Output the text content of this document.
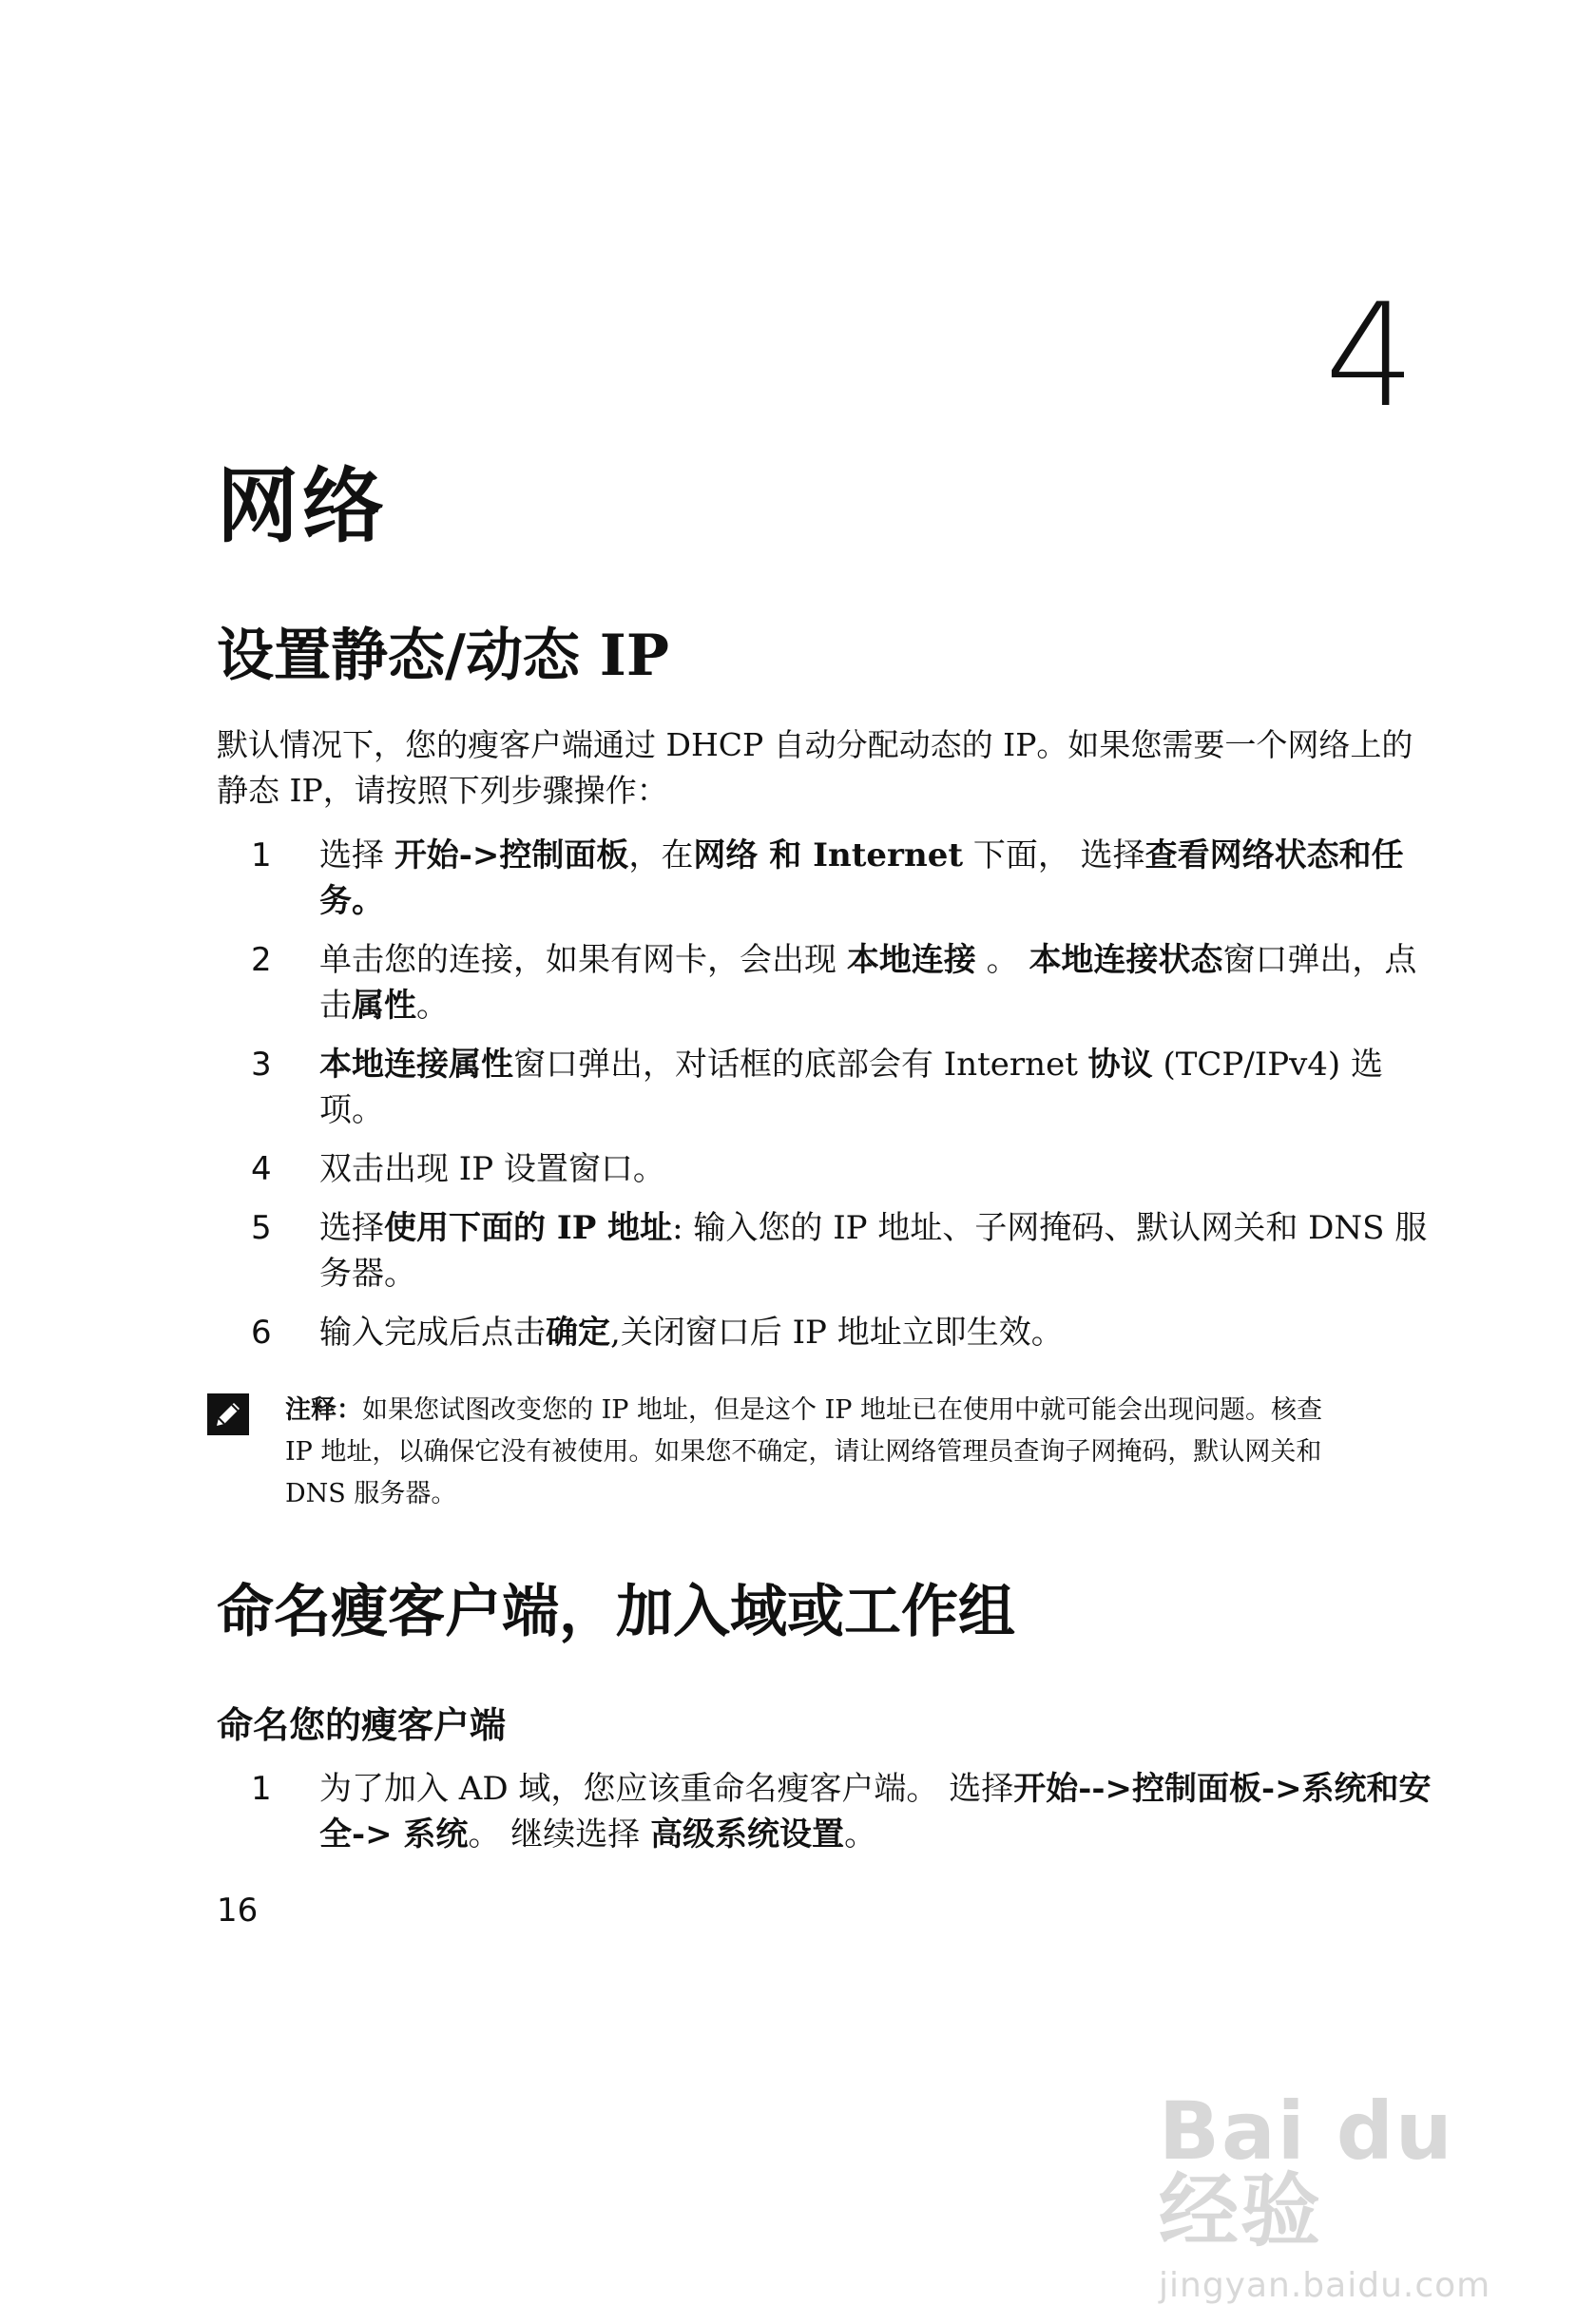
4
网络
设置静态/动态 IP
默认情况下，您的瘦客户端通过 DHCP 自动分配动态的 IP。如果您需要一个网络上的静态 IP，请按照下列步骤操作：
1 选择 开始->控制面板，在网络 和 Internet 下面， 选择查看网络状态和任务。
2 单击您的连接，如果有网卡，会出现 本地连接 。 本地连接状态窗口弹出，点击属性。
3 本地连接属性窗口弹出，对话框的底部会有 Internet 协议 (TCP/IPv4) 选项。
4 双击出现 IP 设置窗口。
5 选择使用下面的 IP 地址: 输入您的 IP 地址、子网掩码、默认网关和 DNS 服务器。
6 输入完成后点击确定,关闭窗口后 IP 地址立即生效。
注释：如果您试图改变您的 IP 地址，但是这个 IP 地址已在使用中就可能会出现问题。核查 IP 地址，以确保它没有被使用。如果您不确定，请让网络管理员查询子网掩码，默认网关和 DNS 服务器。
命名瘦客户端，加入域或工作组
命名您的瘦客户端
1 为了加入 AD 域，您应该重命名瘦客户端。 选择开始-->控制面板->系统和安全-> 系统。 继续选择 高级系统设置。
16
Bai du 经验
jingyan.baidu.com
